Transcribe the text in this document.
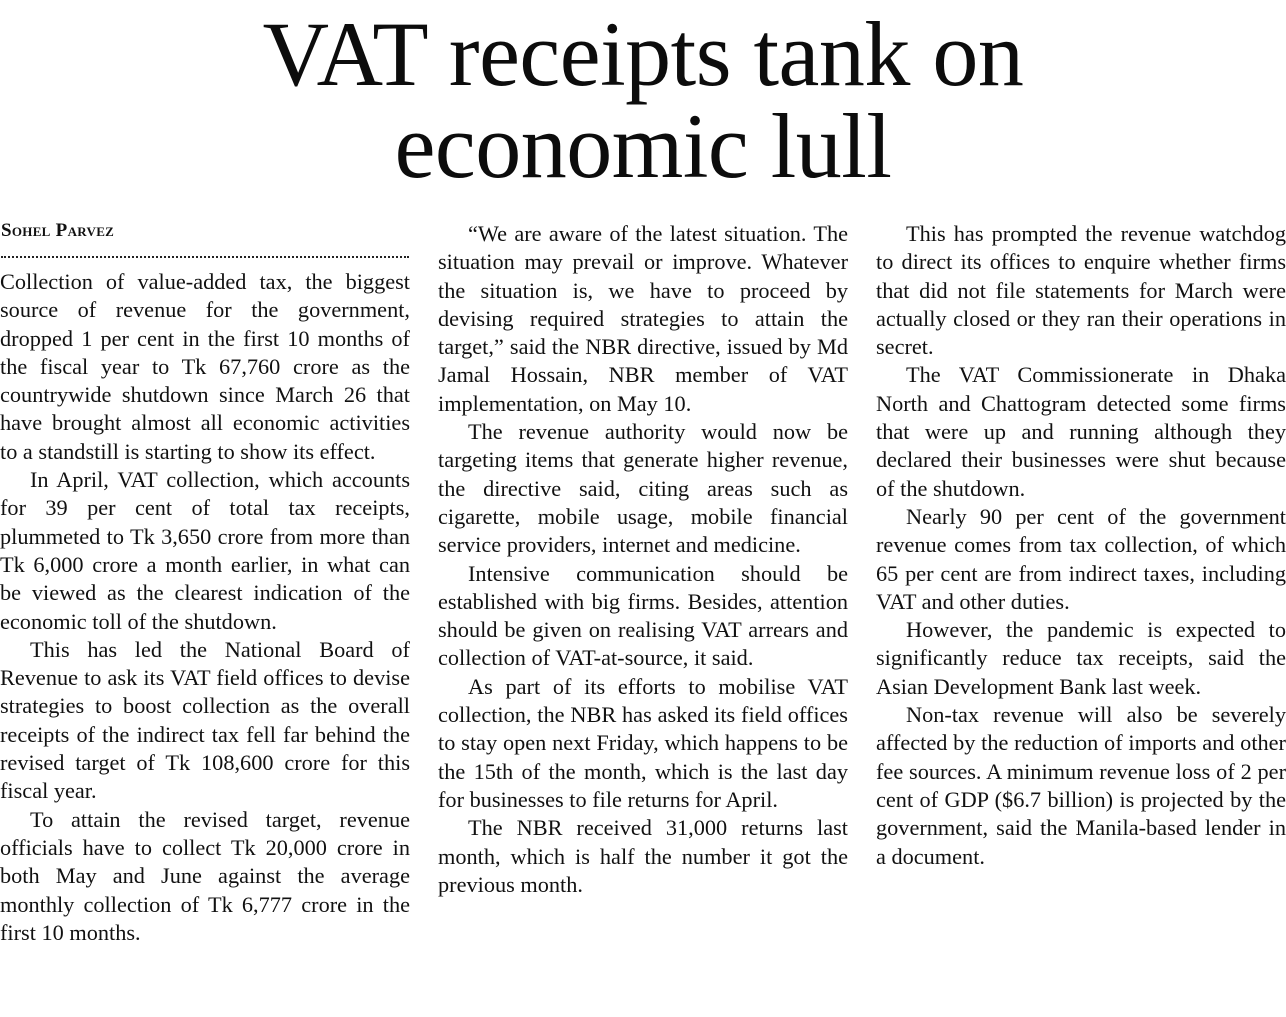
VAT receipts tank on
economic lull
Sohel Parvez

Collection of value-added tax, the biggest source of revenue for the government, dropped 1 per cent in the first 10 months of the fiscal year to Tk 67,760 crore as the countrywide shutdown since March 26 that have brought almost all economic activities to a standstill is starting to show its effect.

In April, VAT collection, which accounts for 39 per cent of total tax receipts, plummeted to Tk 3,650 crore from more than Tk 6,000 crore a month earlier, in what can be viewed as the clearest indication of the economic toll of the shutdown.

This has led the National Board of Revenue to ask its VAT field offices to devise strategies to boost collection as the overall receipts of the indirect tax fell far behind the revised target of Tk 108,600 crore for this fiscal year.

To attain the revised target, revenue officials have to collect Tk 20,000 crore in both May and June against the average monthly collection of Tk 6,777 crore in the first 10 months.

“We are aware of the latest situation. The situation may prevail or improve. Whatever the situation is, we have to proceed by devising required strategies to attain the target,” said the NBR directive, issued by Md Jamal Hossain, NBR member of VAT implementation, on May 10.

The revenue authority would now be targeting items that generate higher revenue, the directive said, citing areas such as cigarette, mobile usage, mobile financial service providers, internet and medicine.

Intensive communication should be established with big firms. Besides, attention should be given on realising VAT arrears and collection of VAT-at-source, it said.

As part of its efforts to mobilise VAT collection, the NBR has asked its field offices to stay open next Friday, which happens to be the 15th of the month, which is the last day for businesses to file returns for April.

The NBR received 31,000 returns last month, which is half the number it got the previous month.

This has prompted the revenue watchdog to direct its offices to enquire whether firms that did not file statements for March were actually closed or they ran their operations in secret.

The VAT Commissionerate in Dhaka North and Chattogram detected some firms that were up and running although they declared their businesses were shut because of the shutdown.

Nearly 90 per cent of the government revenue comes from tax collection, of which 65 per cent are from indirect taxes, including VAT and other duties.

However, the pandemic is expected to significantly reduce tax receipts, said the Asian Development Bank last week.

Non-tax revenue will also be severely affected by the reduction of imports and other fee sources. A minimum revenue loss of 2 per cent of GDP ($6.7 billion) is projected by the government, said the Manila-based lender in a document.
